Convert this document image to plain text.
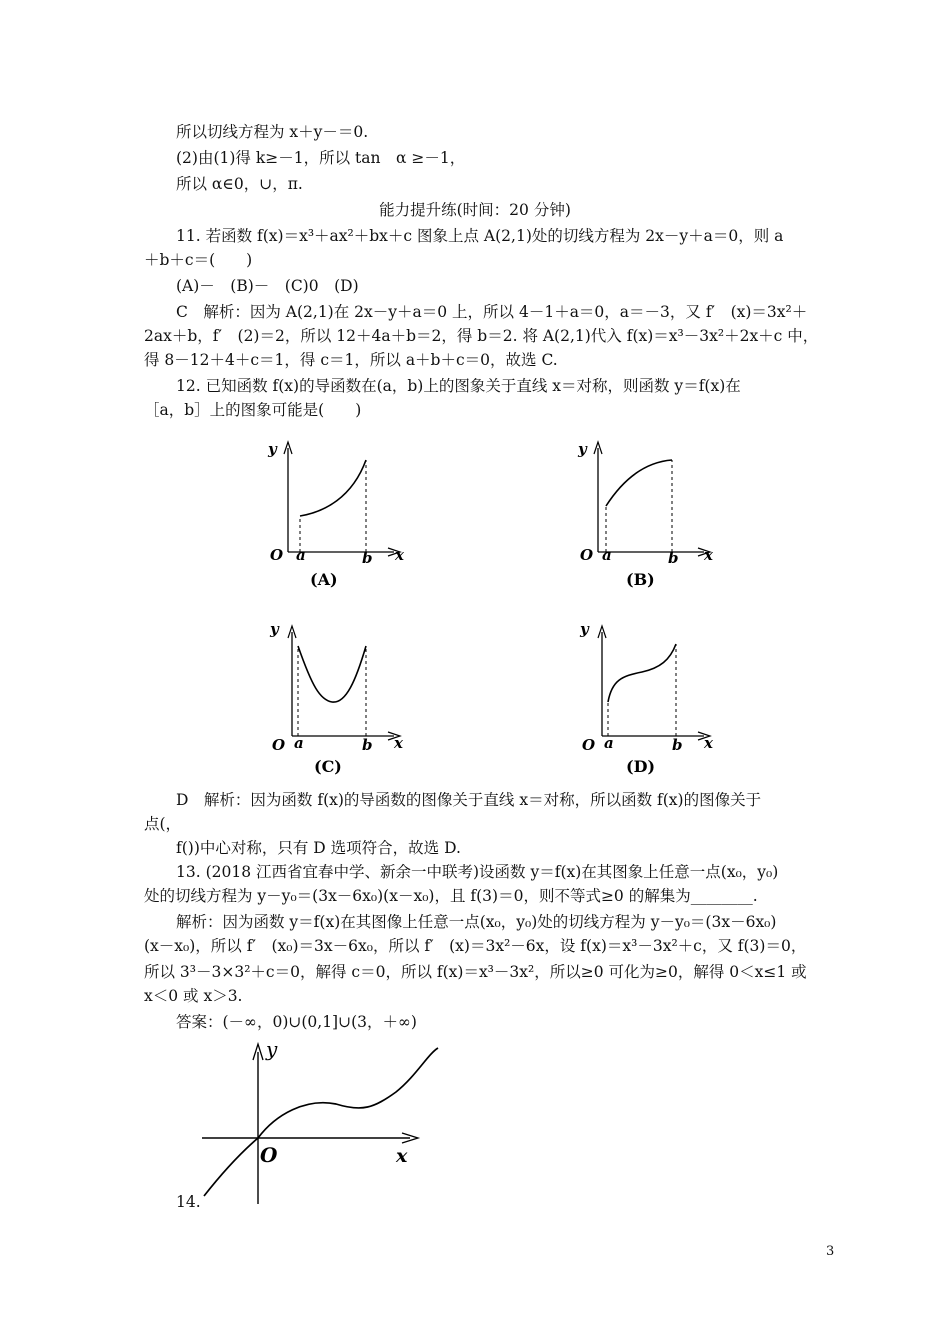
所以切线方程为 x＋y－＝0.
(2)由(1)得 k≥－1，所以 tan　α ≥－1，
所以 α∈0，∪，π.
能力提升练(时间：20 分钟)
11. 若函数 f(x)＝x³＋ax²＋bx＋c 图象上点 A(2,1)处的切线方程为 2x－y＋a＝0，则 a
＋b＋c＝(　　)
(A)－　(B)－　(C)0　(D)
C　解析：因为 A(2,1)在 2x－y＋a＝0 上，所以 4－1＋a＝0，a＝－3，又 f′　(x)＝3x²＋
2ax＋b，f′　(2)＝2，所以 12＋4a＋b＝2，得 b＝2. 将 A(2,1)代入 f(x)＝x³－3x²＋2x＋c 中，
得 8－12＋4＋c＝1，得 c＝1，所以 a＋b＋c＝0，故选 C.
12. 已知函数 f(x)的导函数在(a，b)上的图象关于直线 x＝对称，则函数 y＝f(x)在
［a，b］上的图象可能是(　　)
y
O a	b x
(A)
y
O a	b x
(B)
y
O a	b x
(C)
y
O a	b x
(D)
D　解析：因为函数 f(x)的导函数的图像关于直线 x＝对称，所以函数 f(x)的图像关于
点(，
f())中心对称，只有 D 选项符合，故选 D.
13. (2018 江西省宜春中学、新余一中联考)设函数 y＝f(x)在其图象上任意一点(x₀，y₀)
处的切线方程为 y－y₀＝(3x－6x₀)(x－x₀)，且 f(3)＝0，则不等式≥0 的解集为________.
解析：因为函数 y＝f(x)在其图像上任意一点(x₀，y₀)处的切线方程为 y－y₀＝(3x－6x₀)
(x－x₀)，所以 f′　(x₀)＝3x－6x₀，所以 f′　(x)＝3x²－6x，设 f(x)＝x³－3x²＋c，又 f(3)＝0，
所以 3³－3×3²＋c＝0，解得 c＝0，所以 f(x)＝x³－3x²，所以≥0 可化为≥0，解得 0＜x≤1 或
x＜0 或 x＞3.
答案：(－∞，0)∪(0,1]∪(3，＋∞)
y
O	x
14.
3
